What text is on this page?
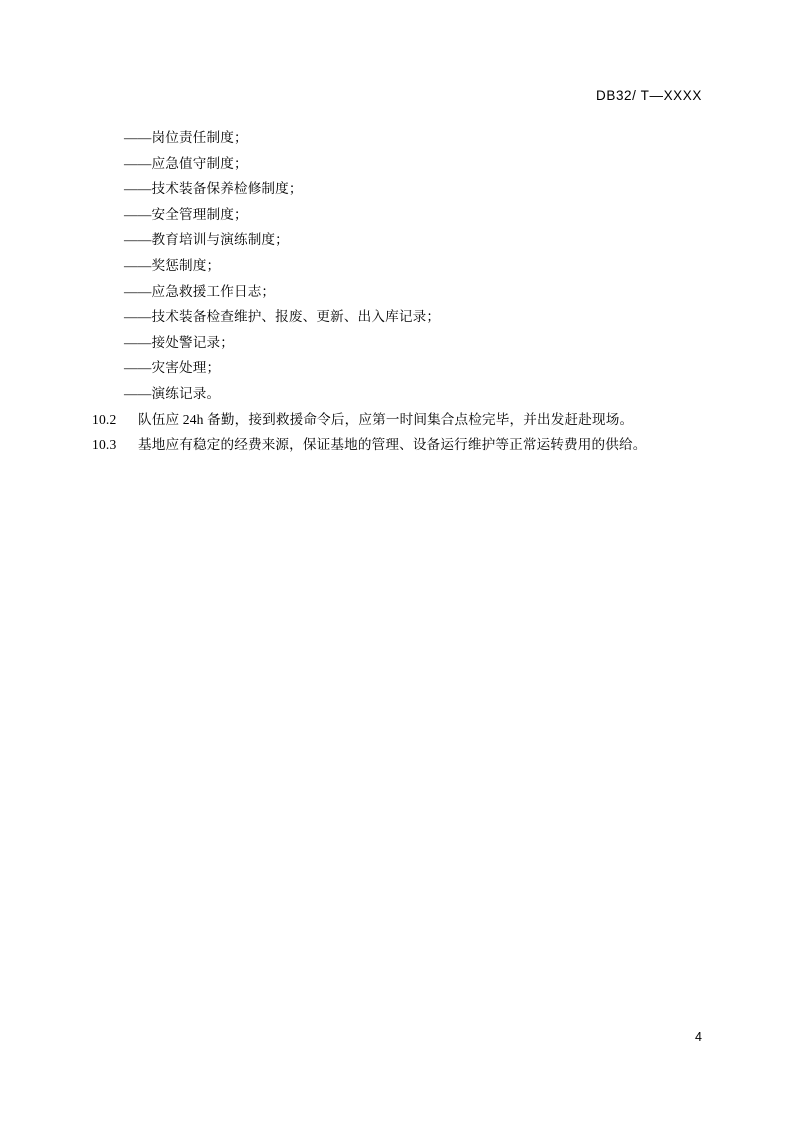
DB32/ T—XXXX
——岗位责任制度；
——应急值守制度；
——技术装备保养检修制度；
——安全管理制度；
——教育培训与演练制度；
——奖惩制度；
——应急救援工作日志；
——技术装备检查维护、报废、更新、出入库记录；
——接处警记录；
——灾害处理；
——演练记录。
10.2	队伍应 24h 备勤，接到救援命令后，应第一时间集合点检完毕，并出发赶赴现场。
10.3	基地应有稳定的经费来源，保证基地的管理、设备运行维护等正常运转费用的供给。
4
